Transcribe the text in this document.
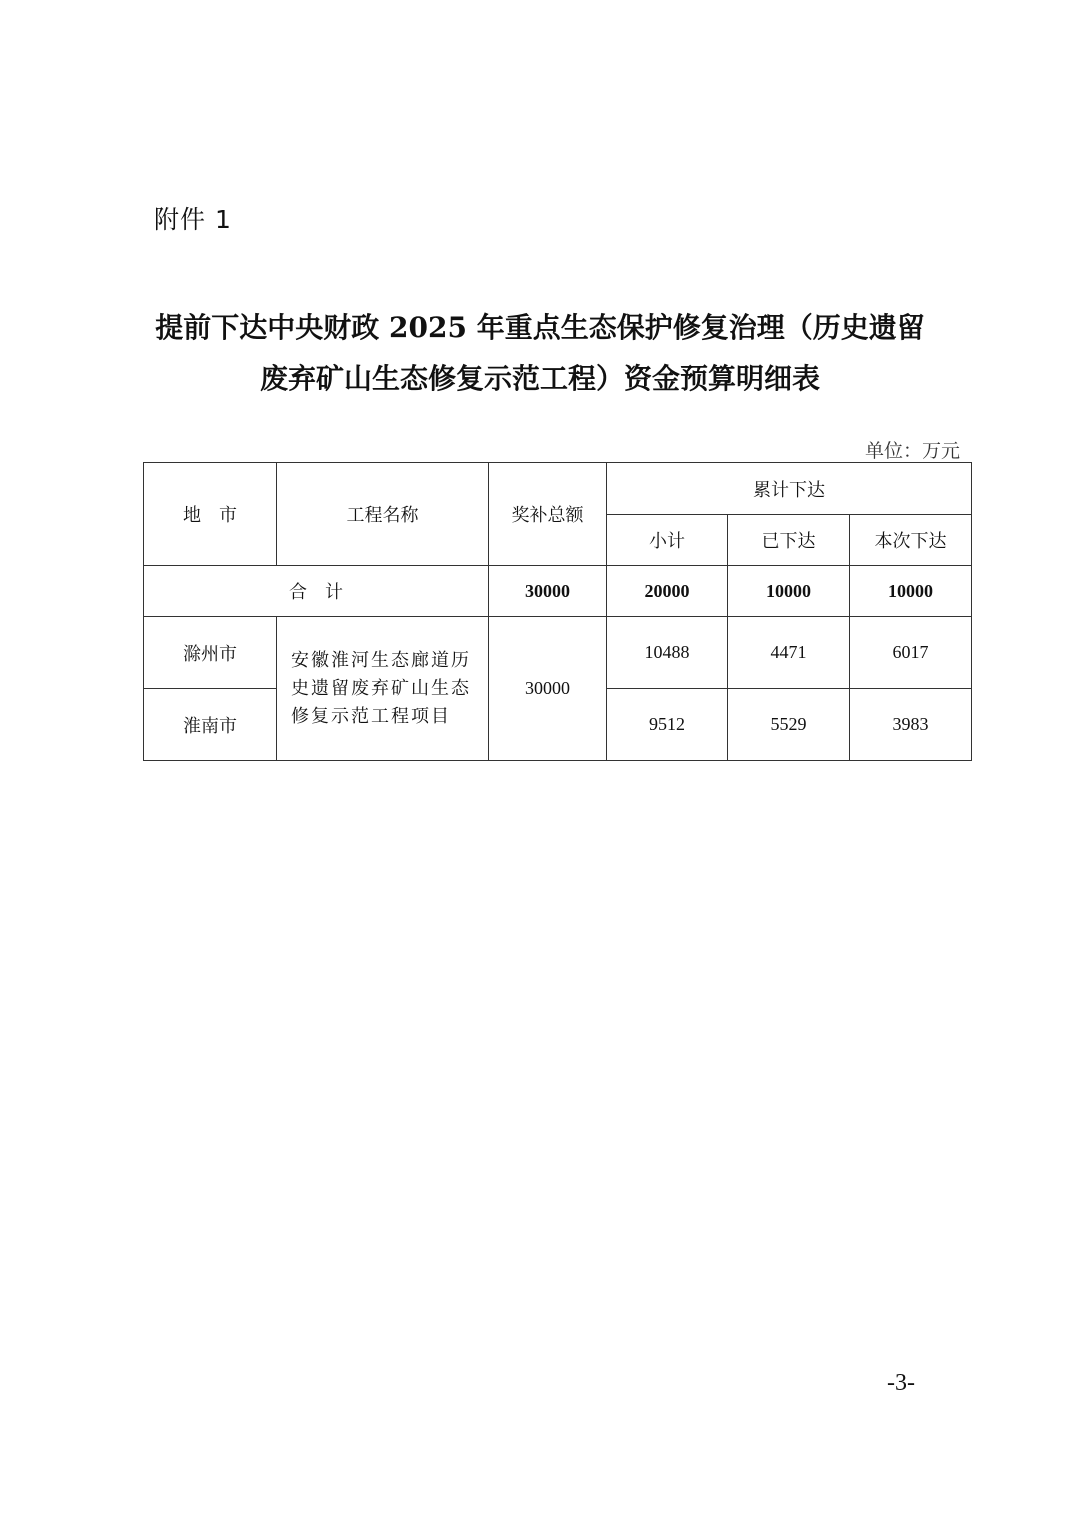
附件 1
提前下达中央财政 2025 年重点生态保护修复治理（历史遗留
废弃矿山生态修复示范工程）资金预算明细表
单位：万元
地　市	工程名称	奖补总额	累计下达		
			小计	已下达	本次下达
合　计		30000	20000	10000	10000
滁州市	安徽淮河生态廊道历史遗留废弃矿山生态修复示范工程项目	30000	10488	4471	6017
淮南市			9512	5529	3983
-3-
